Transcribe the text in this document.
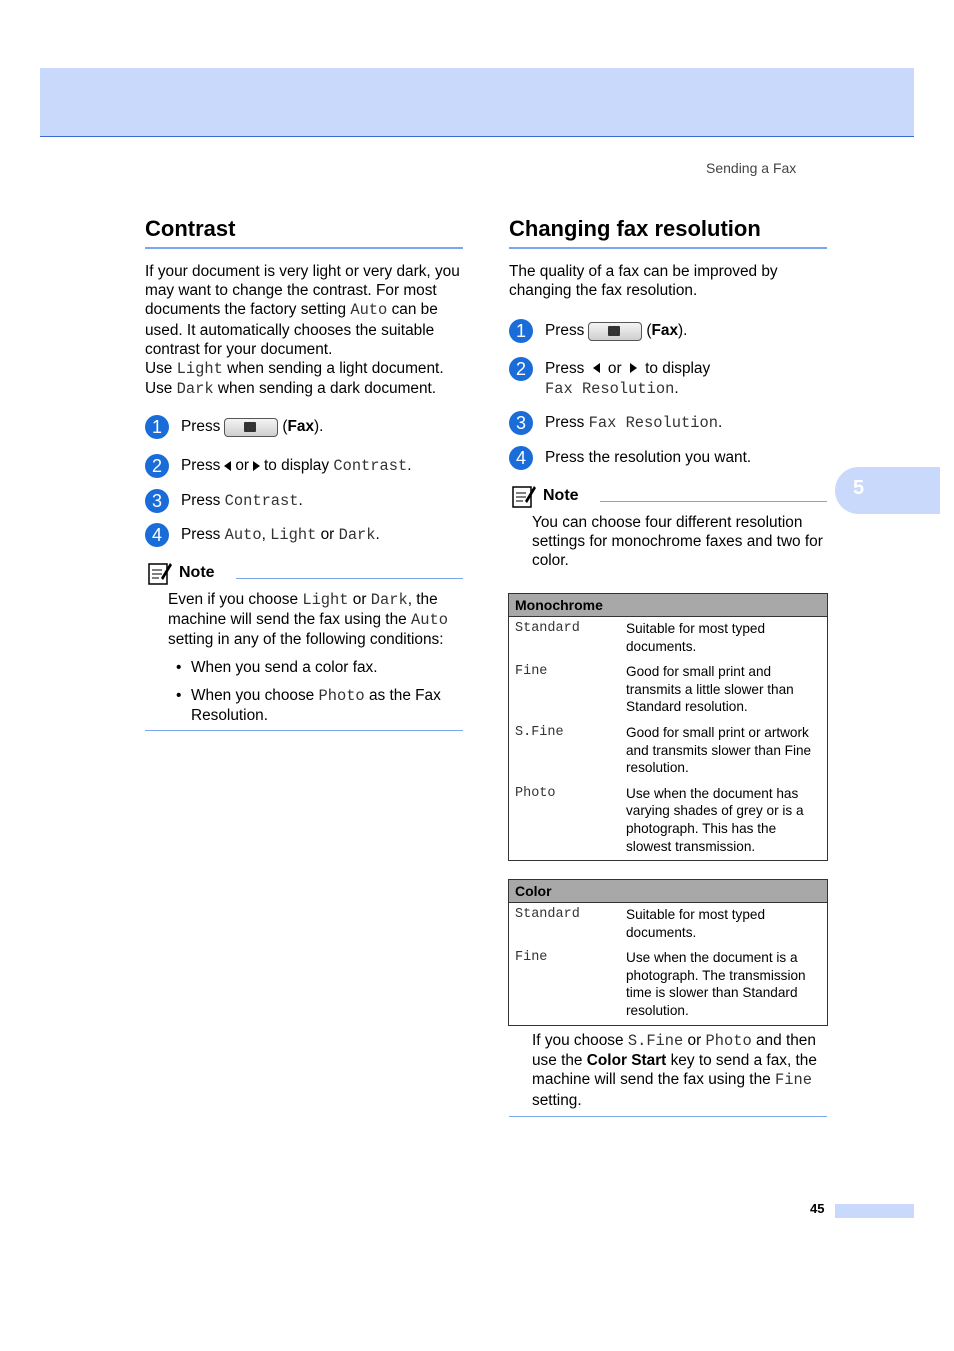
Sending a Fax
Contrast

If your document is very light or very dark, you may want to change the contrast. For most documents the factory setting Auto can be used. It automatically chooses the suitable contrast for your document.
Use Light when sending a light document.
Use Dark when sending a dark document.

1	Press	(Fax ).
2	Press or to display
Contrast .
3	Press
Contrast .
4	Press
Auto ,
Light
or
Dark .
Note

Even if you choose Light or Dark, the machine will send the fax using the Auto setting in any of the following conditions:

• When you send a color fax.
• When you choose Photo as the Fax Resolution.
Changing fax resolution

The quality of a fax can be improved by changing the fax resolution.

1	Press	(Fax ).
2	Press or to display
Fax Resolution.
3	Press
Fax Resolution .
4	Press the resolution you want.
Note

You can choose four different resolution settings for monochrome faxes and two for color.

Monochrome	
Standard	Suitable for most typed documents.
Fine	Good for small print and transmits a little slower than Standard resolution.
S.Fine	Good for small print or artwork and transmits slower than Fine resolution.
Photo	Use when the document has varying shades of grey or is a photograph. This has the slowest transmission.
Color	
Standard	Suitable for most typed documents.
Fine	Use when the document is a photograph. The transmission time is slower than Standard resolution.

If you choose S.Fine or Photo and then use the Color Start key to send a fax, the machine will send the fax using the Fine setting.

5
45
